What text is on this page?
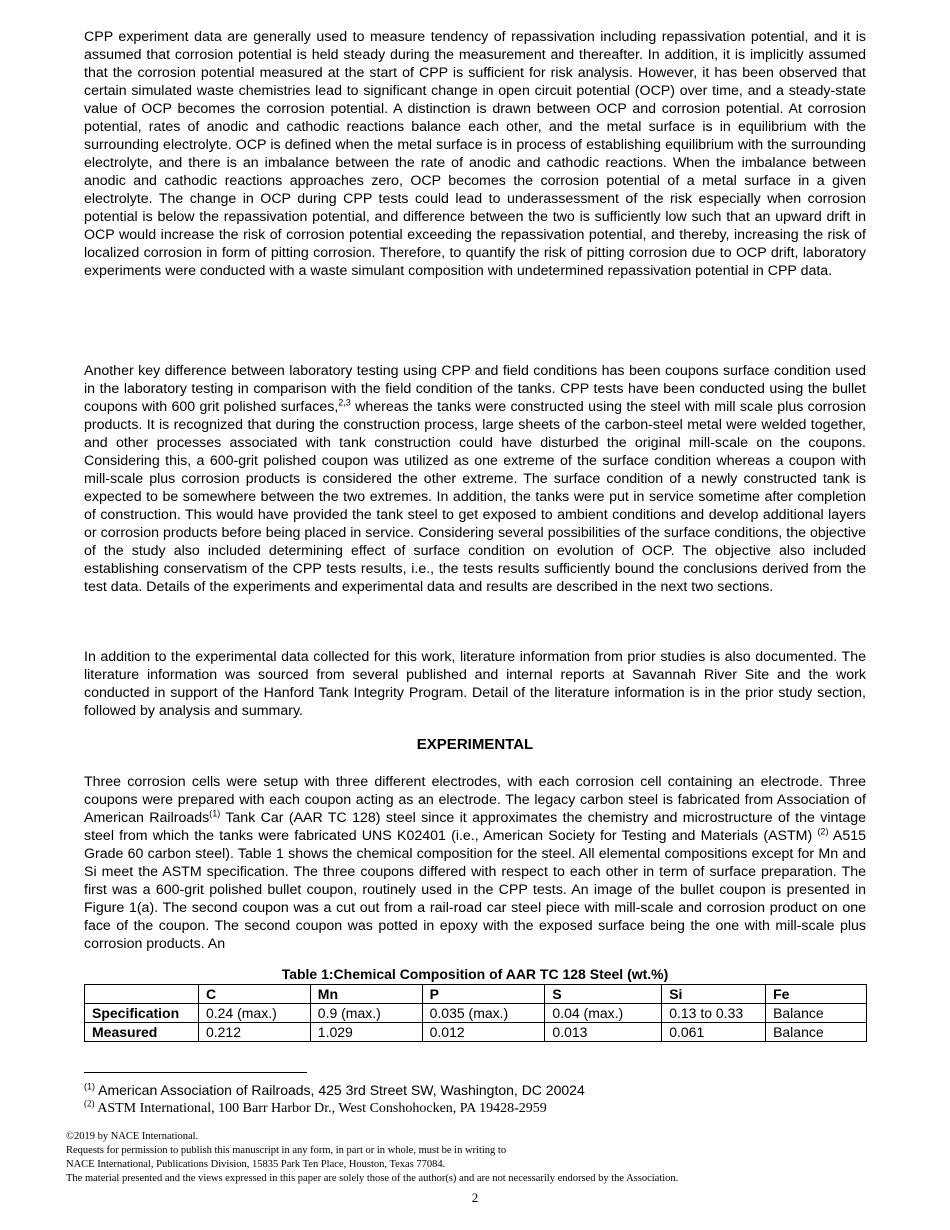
CPP experiment data are generally used to measure tendency of repassivation including repassivation potential, and it is assumed that corrosion potential is held steady during the measurement and thereafter. In addition, it is implicitly assumed that the corrosion potential measured at the start of CPP is sufficient for risk analysis. However, it has been observed that certain simulated waste chemistries lead to significant change in open circuit potential (OCP) over time, and a steady-state value of OCP becomes the corrosion potential. A distinction is drawn between OCP and corrosion potential. At corrosion potential, rates of anodic and cathodic reactions balance each other, and the metal surface is in equilibrium with the surrounding electrolyte. OCP is defined when the metal surface is in process of establishing equilibrium with the surrounding electrolyte, and there is an imbalance between the rate of anodic and cathodic reactions. When the imbalance between anodic and cathodic reactions approaches zero, OCP becomes the corrosion potential of a metal surface in a given electrolyte. The change in OCP during CPP tests could lead to underassessment of the risk especially when corrosion potential is below the repassivation potential, and difference between the two is sufficiently low such that an upward drift in OCP would increase the risk of corrosion potential exceeding the repassivation potential, and thereby, increasing the risk of localized corrosion in form of pitting corrosion. Therefore, to quantify the risk of pitting corrosion due to OCP drift, laboratory experiments were conducted with a waste simulant composition with undetermined repassivation potential in CPP data.

Another key difference between laboratory testing using CPP and field conditions has been coupons surface condition used in the laboratory testing in comparison with the field condition of the tanks. CPP tests have been conducted using the bullet coupons with 600 grit polished surfaces,$^{2,3}$ whereas the tanks were constructed using the steel with mill scale plus corrosion products. It is recognized that during the construction process, large sheets of the carbon-steel metal were welded together, and other processes associated with tank construction could have disturbed the original mill-scale on the coupons. Considering this, a 600-grit polished coupon was utilized as one extreme of the surface condition whereas a coupon with mill-scale plus corrosion products is considered the other extreme. The surface condition of a newly constructed tank is expected to be somewhere between the two extremes. In addition, the tanks were put in service sometime after completion of construction. This would have provided the tank steel to get exposed to ambient conditions and develop additional layers or corrosion products before being placed in service. Considering several possibilities of the surface conditions, the objective of the study also included determining effect of surface condition on evolution of OCP. The objective also included establishing conservatism of the CPP tests results, i.e., the tests results sufficiently bound the conclusions derived from the test data. Details of the experiments and experimental data and results are described in the next two sections.

In addition to the experimental data collected for this work, literature information from prior studies is also documented. The literature information was sourced from several published and internal reports at Savannah River Site and the work conducted in support of the Hanford Tank Integrity Program. Detail of the literature information is in the prior study section, followed by analysis and summary.

EXPERIMENTAL

Three corrosion cells were setup with three different electrodes, with each corrosion cell containing an electrode. Three coupons were prepared with each coupon acting as an electrode. The legacy carbon steel is fabricated from Association of American Railroads$^{(1)}$ Tank Car (AAR TC 128) steel since it approximates the chemistry and microstructure of the vintage steel from which the tanks were fabricated UNS K02401 (i.e., American Society for Testing and Materials (ASTM) $^{(2)}$ A515 Grade 60 carbon steel). Table 1 shows the chemical composition for the steel. All elemental compositions except for Mn and Si meet the ASTM specification. The three coupons differed with respect to each other in term of surface preparation. The first was a 600-grit polished bullet coupon, routinely used in the CPP tests. An image of the bullet coupon is presented in Figure 1(a). The second coupon was a cut out from a rail-road car steel piece with mill-scale and corrosion product on one face of the coupon. The second coupon was potted in epoxy with the exposed surface being the one with mill-scale plus corrosion products. An

Table 1:Chemical Composition of AAR TC 128 Steel (wt.%)
	C	Mn	P	S	Si	Fe
Specification	0.24 (max.)	0.9 (max.)	0.035 (max.)	0.04 (max.)	0.13 to 0.33	Balance
Measured	0.212	1.029	0.012	0.013	0.061	Balance
$^{(1)}$ American Association of Railroads, 425 3rd Street SW, Washington, DC 20024
$^{(2)}$ ASTM International, 100 Barr Harbor Dr., West Conshohocken, PA 19428-2959
©2019 by NACE International.
Requests for permission to publish this manuscript in any form, in part or in whole, must be in writing to
NACE International, Publications Division, 15835 Park Ten Place, Houston, Texas 77084.
The material presented and the views expressed in this paper are solely those of the author(s) and are not necessarily endorsed by the Association.
2
